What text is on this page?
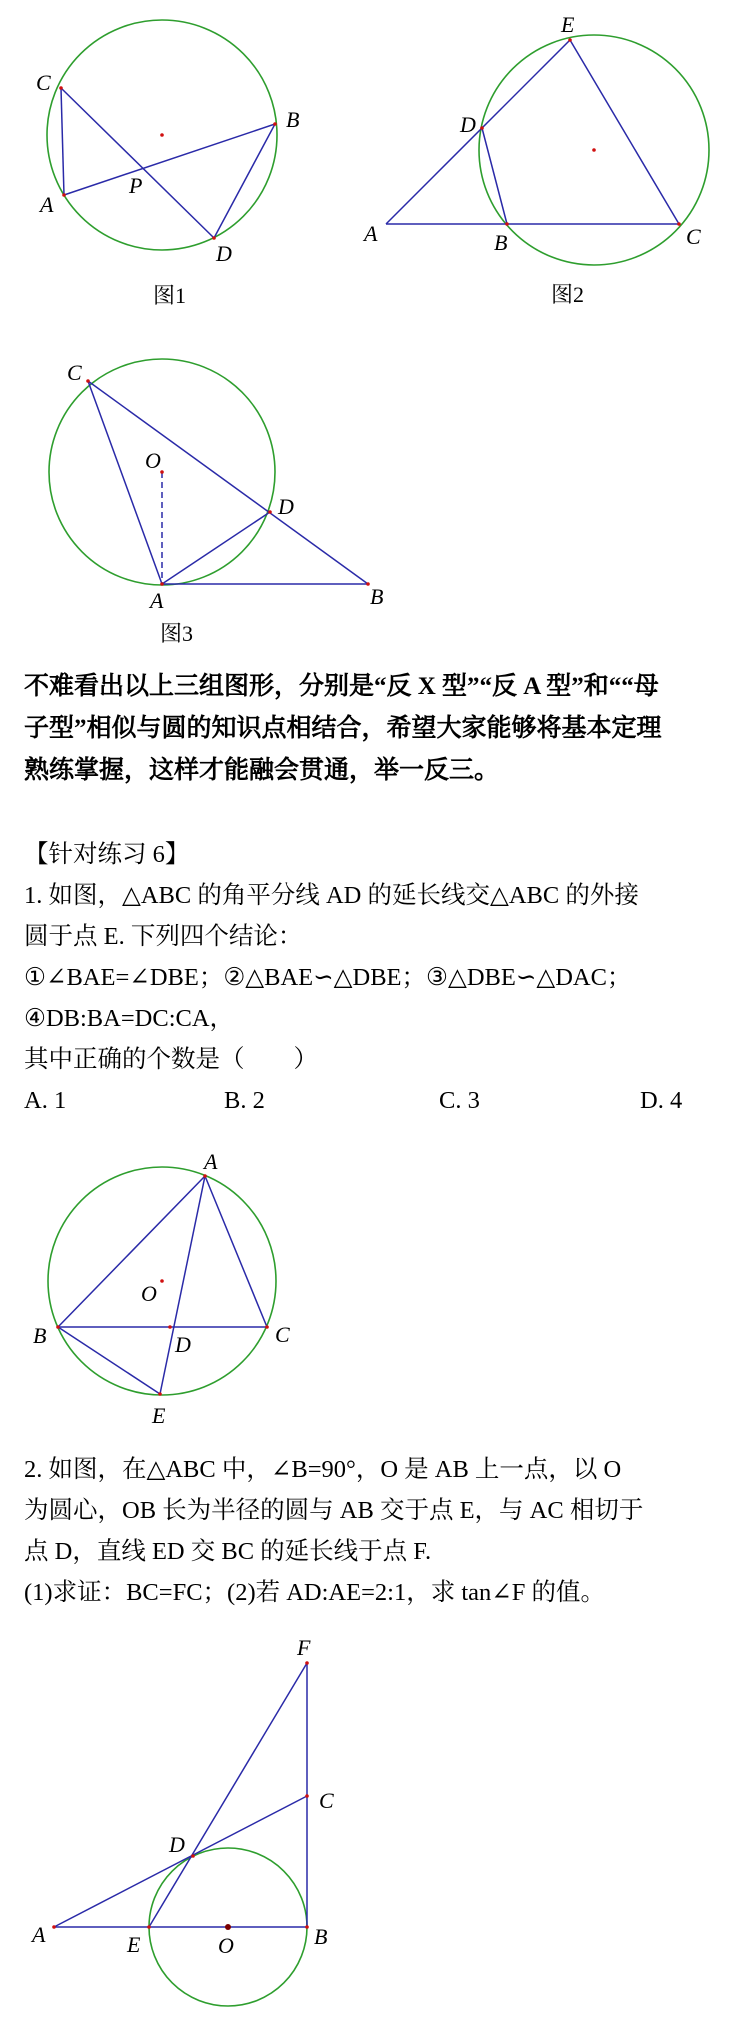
C
A
P
B
D
图1
E
D
A	B	C
图2
C
O
D
A	B
图3

不难看出以上三组图形，分别是“反 X 型”“反 A 型”和““母

子型”相似与圆的知识点相结合，希望大家能够将基本定理

熟练掌握，这样才能融会贯通，举一反三。

【针对练习 6】

1. 如图，△ABC 的角平分线 AD 的延长线交△ABC 的外接

圆于点 E. 下列四个结论：

①∠BAE=∠DBE；②△BAE∽△DBE；③△DBE∽△DAC；

④DB:BA=DC:CA，

其中正确的个数是（　　）

A. 1	B. 2	C. 3	D. 4
A
O
B	D	C
E

2. 如图，在△ABC 中，∠B=90°，O 是 AB 上一点，以 O

为圆心，OB 长为半径的圆与 AB 交于点 E，与 AC 相切于

点 D，直线 ED 交 BC 的延长线于点 F.

(1)求证：BC=FC；(2)若 AD:AE=2:1，求 tan∠F 的值。

F
C
D
A	E	O	B
